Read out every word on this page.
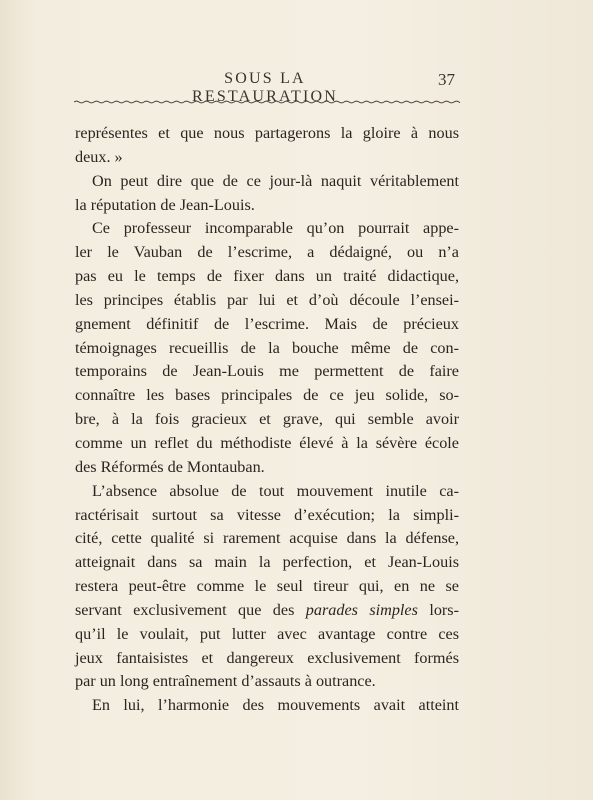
SOUS LA RESTAURATION
37

représentes et que nous partagerons la gloire à nous
deux. »

On peut dire que de ce jour-là naquit véritablement
la réputation de Jean-Louis.

Ce professeur incomparable qu’on pourrait appe-
ler le Vauban de l’escrime, a dédaigné, ou n’a
pas eu le temps de fixer dans un traité didactique,
les principes établis par lui et d’où découle l’ensei-
gnement définitif de l’escrime. Mais de précieux
témoignages recueillis de la bouche même de con-
temporains de Jean-Louis me permettent de faire
connaître les bases principales de ce jeu solide, so-
bre, à la fois gracieux et grave, qui semble avoir
comme un reflet du méthodiste élevé à la sévère école
des Réformés de Montauban.

L’absence absolue de tout mouvement inutile ca-
ractérisait surtout sa vitesse d’exécution; la simpli-
cité, cette qualité si rarement acquise dans la défense,
atteignait dans sa main la perfection, et Jean-Louis
restera peut-être comme le seul tireur qui, en ne se
servant exclusivement que des parades simples lors-
qu’il le voulait, put lutter avec avantage contre ces
jeux fantaisistes et dangereux exclusivement formés
par un long entraînement d’assauts à outrance.

En lui, l’harmonie des mouvements avait atteint
